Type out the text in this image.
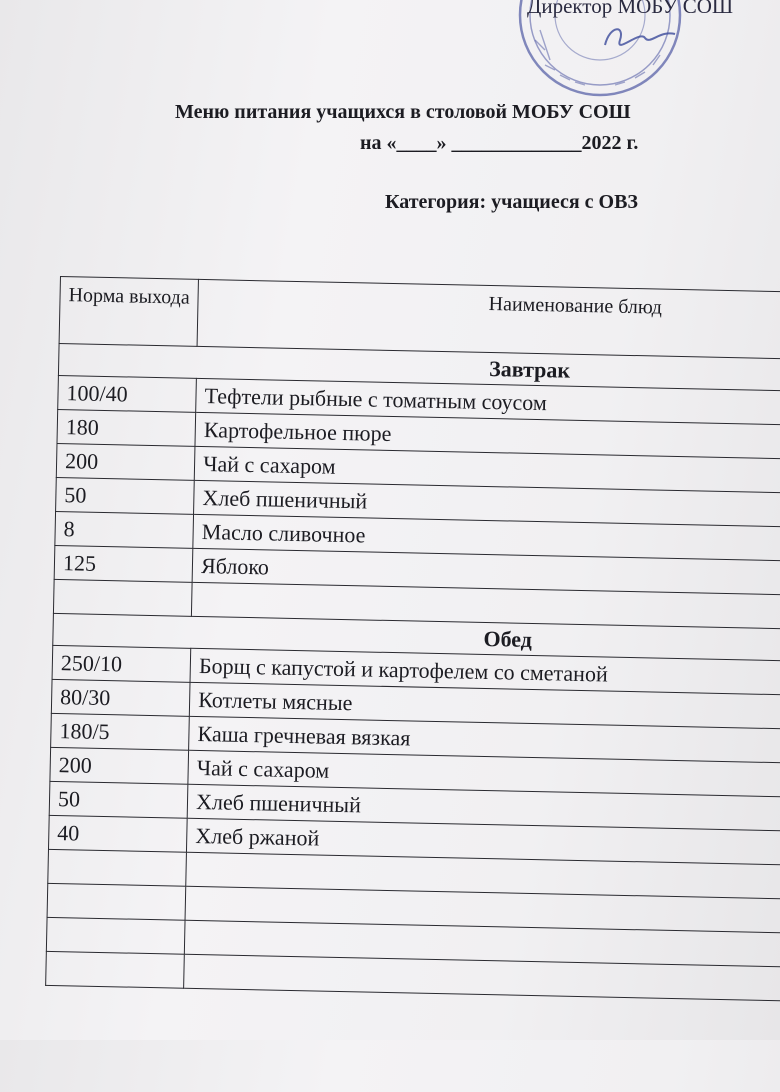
Директор МОБУ СОШ
Меню питания учащихся в столовой МОБУ СОШ
на «____» _____________2022 г.
Категория: учащиеся с ОВЗ
Норма выхода	Наименование блюд
Завтрак	
100/40	Тефтели рыбные с томатным соусом
180	Картофельное пюре
200	Чай с сахаром
50	Хлеб пшеничный
8	Масло сливочное
125	Яблоко

Обед	
250/10	Борщ с капустой и картофелем со сметаной
80/30	Котлеты мясные
180/5	Каша гречневая вязкая
200	Чай с сахаром
50	Хлеб пшеничный
40	Хлеб ржаной
